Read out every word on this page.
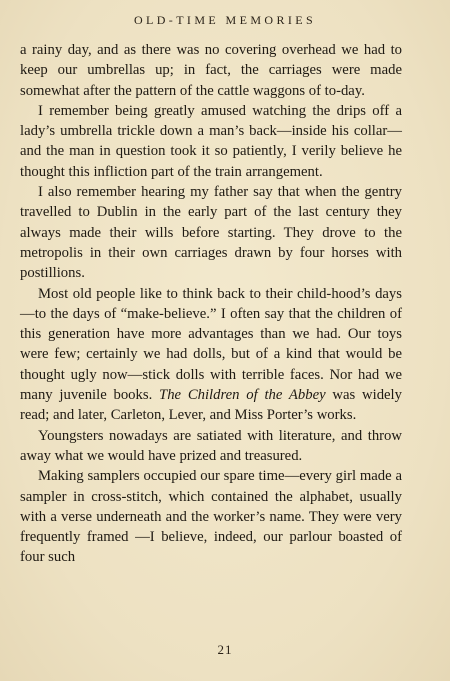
OLD-TIME MEMORIES

a rainy day, and as there was no covering overhead we had to keep our umbrellas up; in fact, the carriages were made somewhat after the pattern of the cattle waggons of to-day.

I remember being greatly amused watching the drips off a lady’s umbrella trickle down a man’s back—inside his collar—and the man in question took it so patiently, I verily believe he thought this infliction part of the train arrangement.

I also remember hearing my father say that when the gentry travelled to Dublin in the early part of the last century they always made their wills before starting. They drove to the metropolis in their own carriages drawn by four horses with postillions.

Most old people like to think back to their child-hood’s days—to the days of “make-believe.” I often say that the children of this generation have more advantages than we had. Our toys were few; certainly we had dolls, but of a kind that would be thought ugly now—stick dolls with terrible faces. Nor had we many juvenile books. The Children of the Abbey was widely read; and later, Carleton, Lever, and Miss Porter’s works.

Youngsters nowadays are satiated with literature, and throw away what we would have prized and treasured.

Making samplers occupied our spare time—every girl made a sampler in cross-stitch, which contained the alphabet, usually with a verse underneath and the worker’s name. They were very frequently framed —I believe, indeed, our parlour boasted of four such

21
